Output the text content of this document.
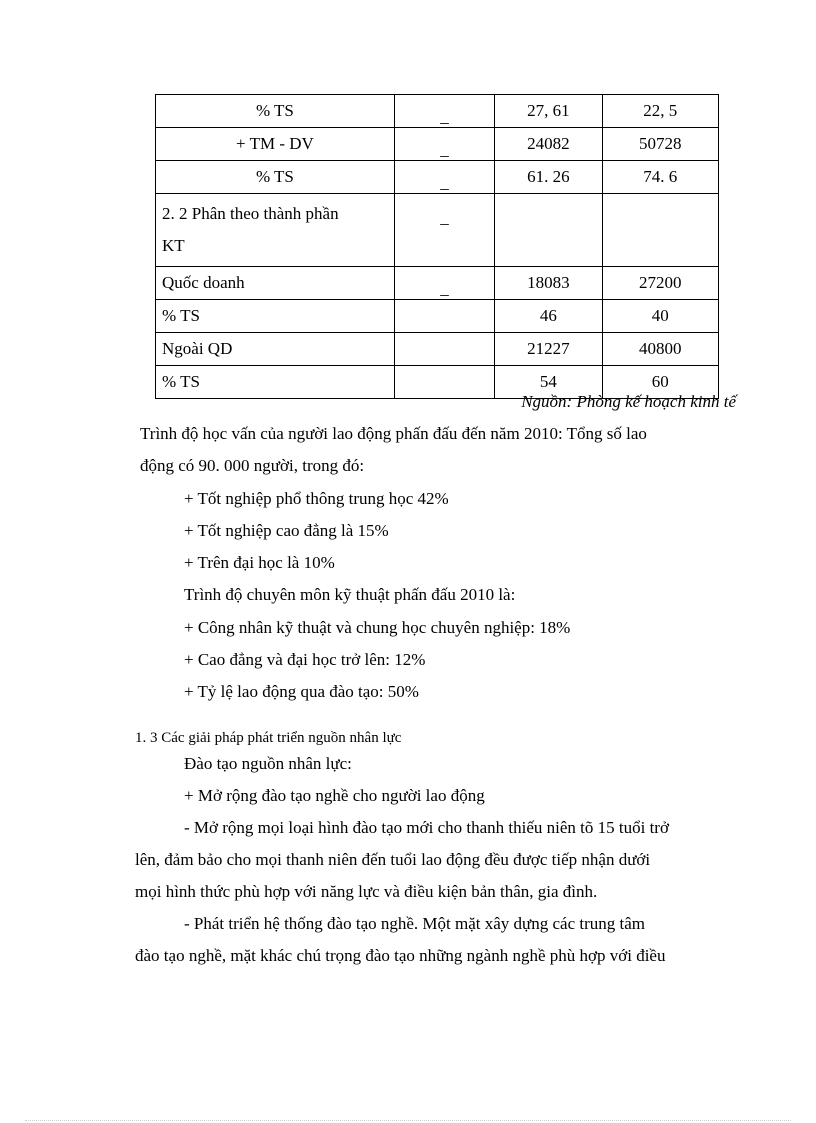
% TS	_	27, 61	22, 5
+ TM - DV	_	24082	50728
% TS	_	61. 26	74. 6

2. 2 Phân theo thành phần
KT	_		
Quốc doanh	_	18083	27200
% TS		46	40
Ngoài QD		21227	40800
% TS		54	60
Nguồn: Phòng kế hoạch kinh tế
Trình độ học vấn của người lao động phấn đấu đến năm 2010: Tổng số lao
động có 90. 000 người, trong đó:
+ Tốt nghiệp phổ thông trung học 42%
+ Tốt nghiệp cao đẳng là 15%
+ Trên đại học là 10%
Trình độ chuyên môn kỹ thuật phấn đấu 2010 là:
+ Công nhân kỹ thuật và chung học chuyên nghiệp: 18%
+ Cao đẳng và đại học trở lên: 12%
+ Tỷ lệ lao động qua đào tạo: 50%
1. 3 Các giải pháp phát triển nguồn nhân lực
Đào tạo nguồn nhân lực:
+ Mở rộng đào tạo nghề cho người lao động
- Mở rộng mọi loại hình đào tạo mới cho thanh thiếu niên tõ 15 tuổi trở
lên, đảm bảo cho mọi thanh niên đến tuổi lao động đều được tiếp nhận dưới
mọi hình thức phù hợp với năng lực và điều kiện bản thân, gia đình.
- Phát triển hệ thống đào tạo nghề. Một mặt xây dựng các trung tâm
đào tạo nghề, mặt khác chú trọng đào tạo những ngành nghề phù hợp với điều
